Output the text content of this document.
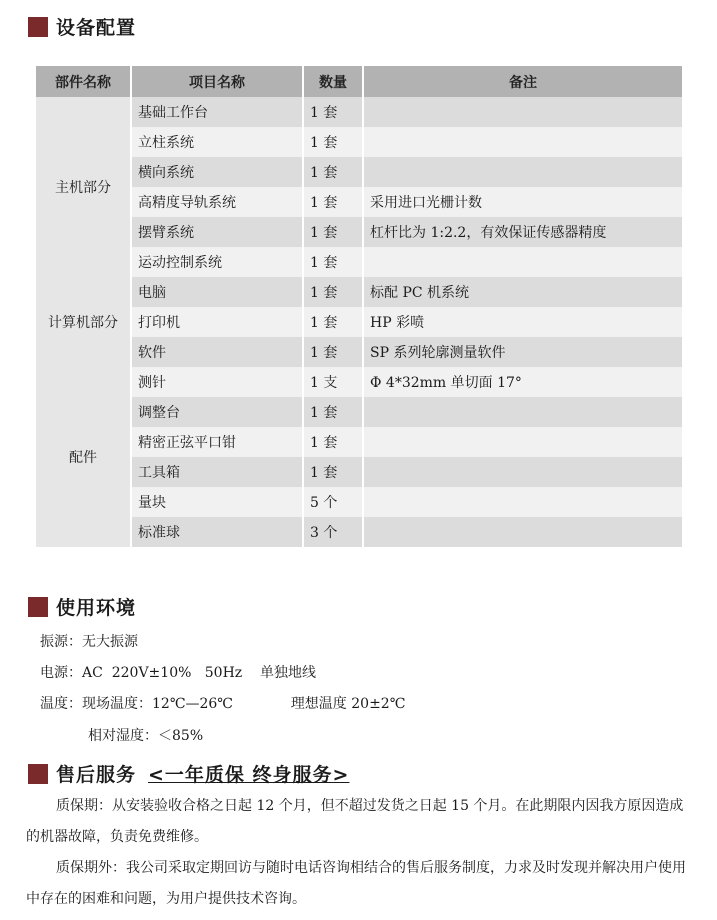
设备配置
部件名称	项目名称	数量	备注
主机部分	基础工作台	1 套	
	立柱系统	1 套	
	横向系统	1 套	
	高精度导轨系统	1 套	采用进口光栅计数
	摆臂系统	1 套	杠杆比为 1:2.2，有效保证传感器精度
	运动控制系统	1 套	
计算机部分	电脑	1 套	标配 PC 机系统
	打印机	1 套	HP 彩喷
	软件	1 套	SP 系列轮廓测量软件
配件	测针	1 支	Φ 4*32mm 单切面 17°
	调整台	1 套	
	精密正弦平口钳	1 套	
	工具箱	1 套	
	量块	5 个	
	标准球	3 个	
使用环境
振源：无大振源
电源：AC  220V±10%   50Hz    单独地线
温度：现场温度：12℃—26℃             理想温度 20±2℃
相对湿度：＜85%
售后服务 <一年质保 终身服务>
质保期：从安装验收合格之日起 12 个月，但不超过发货之日起 15 个月。在此期限内因我方原因造成的机器故障，负责免费维修。
质保期外：我公司采取定期回访与随时电话咨询相结合的售后服务制度，力求及时发现并解决用户使用中存在的困难和问题，为用户提供技术咨询。
